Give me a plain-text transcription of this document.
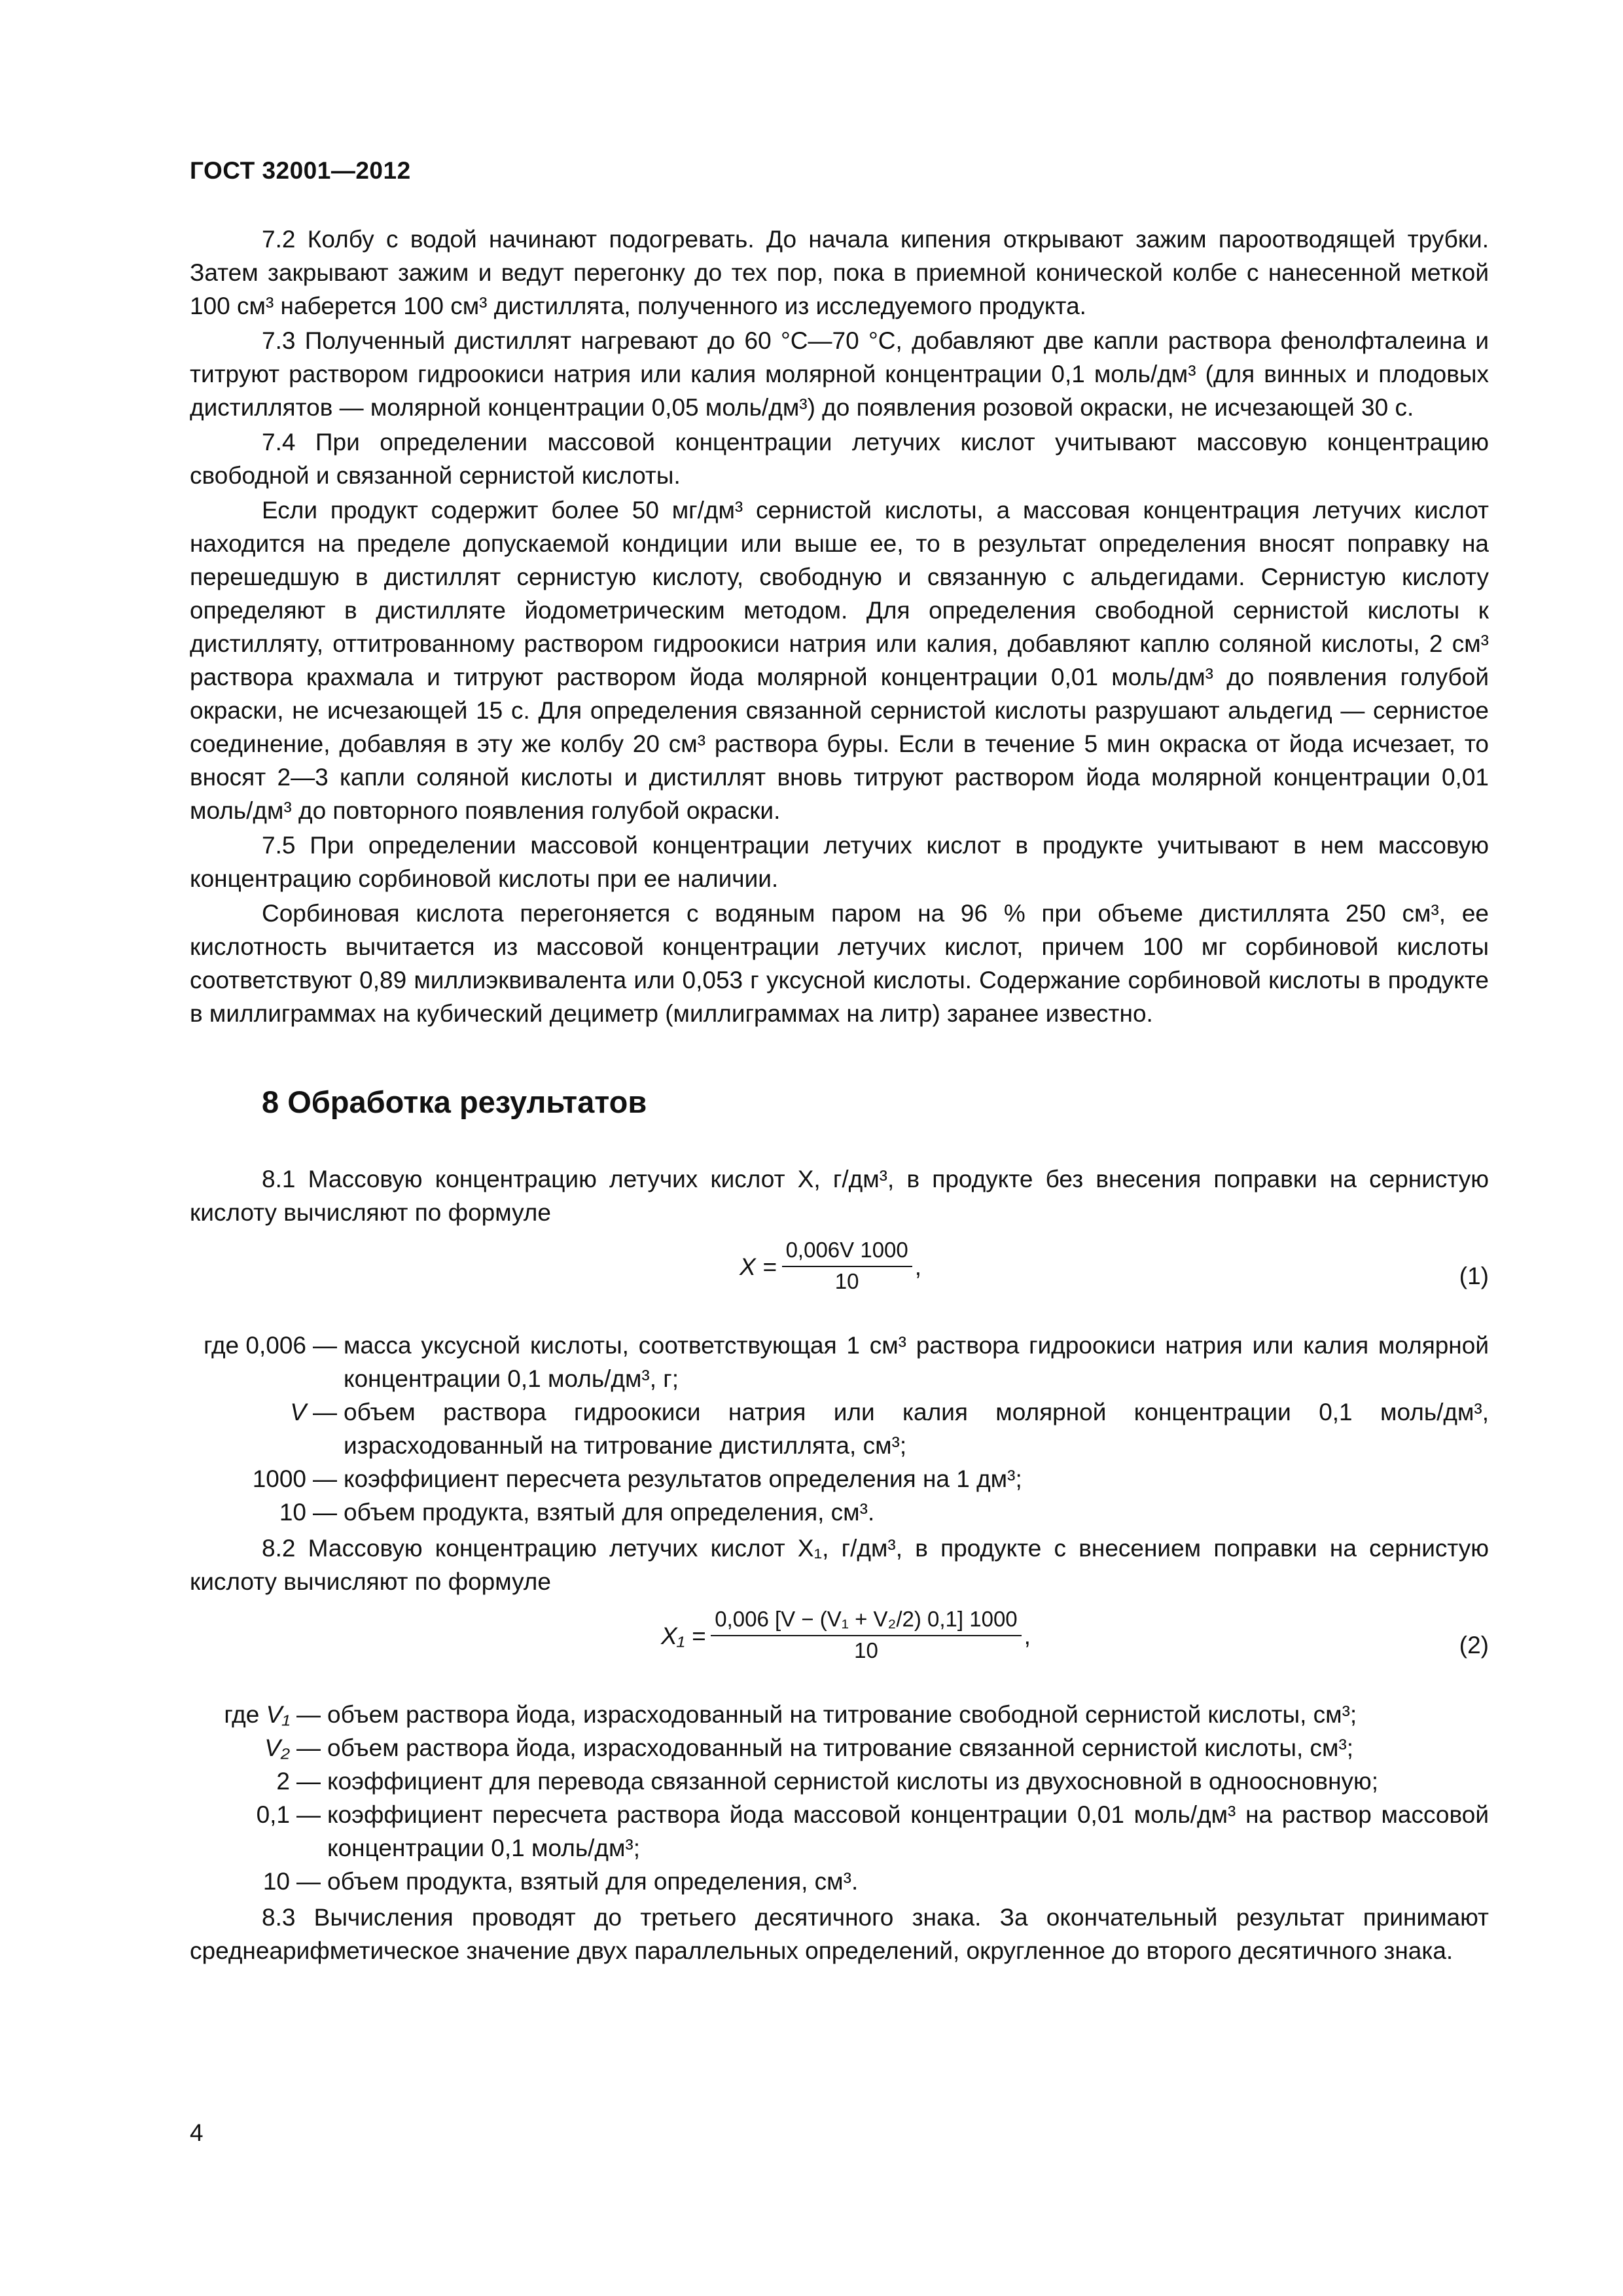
ГОСТ 32001—2012

7.2 Колбу с водой начинают подогревать. До начала кипения открывают зажим пароотводящей трубки. Затем закрывают зажим и ведут перегонку до тех пор, пока в приемной конической колбе с нанесенной меткой 100 см³ наберется 100 см³ дистиллята, полученного из исследуемого продукта.

7.3 Полученный дистиллят нагревают до 60 °С—70 °С, добавляют две капли раствора фенолфталеина и титруют раствором гидроокиси натрия или калия молярной концентрации 0,1 моль/дм³ (для винных и плодовых дистиллятов — молярной концентрации 0,05 моль/дм³) до появления розовой окраски, не исчезающей 30 с.

7.4 При определении массовой концентрации летучих кислот учитывают массовую концентрацию свободной и связанной сернистой кислоты.

Если продукт содержит более 50 мг/дм³ сернистой кислоты, а массовая концентрация летучих кислот находится на пределе допускаемой кондиции или выше ее, то в результат определения вносят поправку на перешедшую в дистиллят сернистую кислоту, свободную и связанную с альдегидами. Сернистую кислоту определяют в дистилляте йодометрическим методом. Для определения свободной сернистой кислоты к дистилляту, оттитрованному раствором гидроокиси натрия или калия, добавляют каплю соляной кислоты, 2 см³ раствора крахмала и титруют раствором йода молярной концентрации 0,01 моль/дм³ до появления голубой окраски, не исчезающей 15 с. Для определения связанной сернистой кислоты разрушают альдегид — сернистое соединение, добавляя в эту же колбу 20 см³ раствора буры. Если в течение 5 мин окраска от йода исчезает, то вносят 2—3 капли соляной кислоты и дистиллят вновь титруют раствором йода молярной концентрации 0,01 моль/дм³ до повторного появления голубой окраски.

7.5 При определении массовой концентрации летучих кислот в продукте учитывают в нем массовую концентрацию сорбиновой кислоты при ее наличии.

Сорбиновая кислота перегоняется с водяным паром на 96 % при объеме дистиллята 250 см³, ее кислотность вычитается из массовой концентрации летучих кислот, причем 100 мг сорбиновой кислоты соответствуют 0,89 миллиэквивалента или 0,053 г уксусной кислоты. Содержание сорбиновой кислоты в продукте в миллиграммах на кубический дециметр (миллиграммах на литр) заранее известно.

8 Обработка результатов

8.1 Массовую концентрацию летучих кислот X, г/дм³, в продукте без внесения поправки на сернистую кислоту вычисляют по формуле

$X = \frac{0,006V 1000}{10}$ ,	(1)
где 0,006 — масса уксусной кислоты, соответствующая 1 см³ раствора гидроокиси натрия или калия молярной концентрации 0,1 моль/дм³, г;
V — объем раствора гидроокиси натрия или калия молярной концентрации 0,1 моль/дм³, израсходованный на титрование дистиллята, см³;
1000 — коэффициент пересчета результатов определения на 1 дм³;
10 — объем продукта, взятый для определения, см³.

8.2 Массовую концентрацию летучих кислот X₁, г/дм³, в продукте с внесением поправки на сернистую кислоту вычисляют по формуле

$X_1 = \frac{\text{0,006 [V − (V₁ + V₂/2) 0,1] 1000}}{10}$ ,	(2)
где V₁ — объем раствора йода, израсходованный на титрование свободной сернистой кислоты, см³;
V₂ — объем раствора йода, израсходованный на титрование связанной сернистой кислоты, см³;
2 — коэффициент для перевода связанной сернистой кислоты из двухосновной в одноосновную;
0,1 — коэффициент пересчета раствора йода массовой концентрации 0,01 моль/дм³ на раствор массовой концентрации 0,1 моль/дм³;
10 — объем продукта, взятый для определения, см³.

8.3 Вычисления проводят до третьего десятичного знака. За окончательный результат принимают среднеарифметическое значение двух параллельных определений, округленное до второго десятичного знака.

4
